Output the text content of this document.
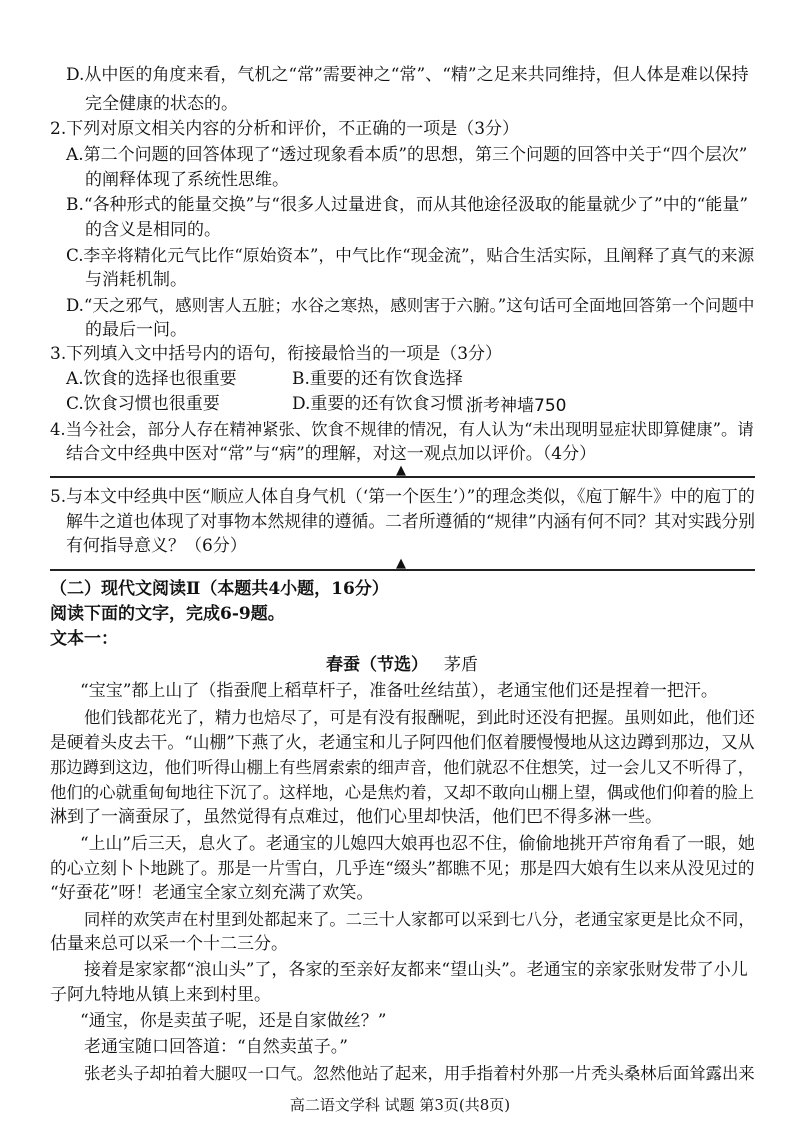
D.从中医的角度来看，气机之“常”需要神之“常”、“精”之足来共同维持，但人体是难以保持
完全健康的状态的。
2.下列对原文相关内容的分析和评价，不正确的一项是（3分）
A.第二个问题的回答体现了“透过现象看本质”的思想，第三个问题的回答中关于“四个层次”
的阐释体现了系统性思维。
B.“各种形式的能量交换”与“很多人过量进食，而从其他途径汲取的能量就少了”中的“能量”
的含义是相同的。
C.李辛将精化元气比作“原始资本”，中气比作“现金流”，贴合生活实际，且阐释了真气的来源
与消耗机制。
D.“天之邪气，感则害人五脏；水谷之寒热，感则害于六腑。”这句话可全面地回答第一个问题中
的最后一问。
3.下列填入文中括号内的语句，衔接最恰当的一项是（3分）
A.饮食的选择也很重要	B.重要的还有饮食选择
C.饮食习惯也很重要	D.重要的还有饮食习惯 浙考神墙750
4.当今社会，部分人存在精神紧张、饮食不规律的情况，有人认为“未出现明显症状即算健康”。请
结合文中经典中医对“常”与“病”的理解，对这一观点加以评价。（4分）
▲
5.与本文中经典中医“顺应人体自身气机（‘第一个医生’）”的理念类似，《庖丁解牛》中的庖丁的
解牛之道也体现了对事物本然规律的遵循。二者所遵循的“规律”内涵有何不同？其对实践分别
有何指导意义？（6分）
▲
（二）现代文阅读Ⅱ（本题共4小题，16分）
阅读下面的文字，完成6-9题。
文本一：
春蚕（节选） 茅盾
“宝宝”都上山了（指蚕爬上稻草杆子，准备吐丝结茧），老通宝他们还是捏着一把汗。
他们钱都花光了，精力也焙尽了，可是有没有报酬呢，到此时还没有把握。虽则如此，他们还
是硬着头皮去干。“山棚”下燕了火，老通宝和儿子阿四他们伛着腰慢慢地从这边蹲到那边，又从
那边蹲到这边，他们听得山棚上有些屑索索的细声音，他们就忍不住想笑，过一会儿又不听得了，
他们的心就重甸甸地往下沉了。这样地，心是焦灼着，又却不敢向山棚上望，偶或他们仰着的脸上
淋到了一滴蚕尿了，虽然觉得有点难过，他们心里却快活，他们巴不得多淋一些。
“上山”后三天，息火了。老通宝的儿媳四大娘再也忍不住，偷偷地挑开芦帘角看了一眼，她
的心立刻卜卜地跳了。那是一片雪白，几乎连“缀头”都瞧不见；那是四大娘有生以来从没见过的
“好蚕花”呀！老通宝全家立刻充满了欢笑。
同样的欢笑声在村里到处都起来了。二三十人家都可以采到七八分，老通宝家更是比众不同，
估量来总可以采一个十二三分。
接着是家家都“浪山头”了，各家的至亲好友都来“望山头”。老通宝的亲家张财发带了小儿
子阿九特地从镇上来到村里。
“通宝，你是卖茧子呢，还是自家做丝？”
老通宝随口回答道：“自然卖茧子。”
张老头子却拍着大腿叹一口气。忽然他站了起来，用手指着村外那一片秃头桑林后面耸露出来
高二语文学科 试题 第3页(共8页)
